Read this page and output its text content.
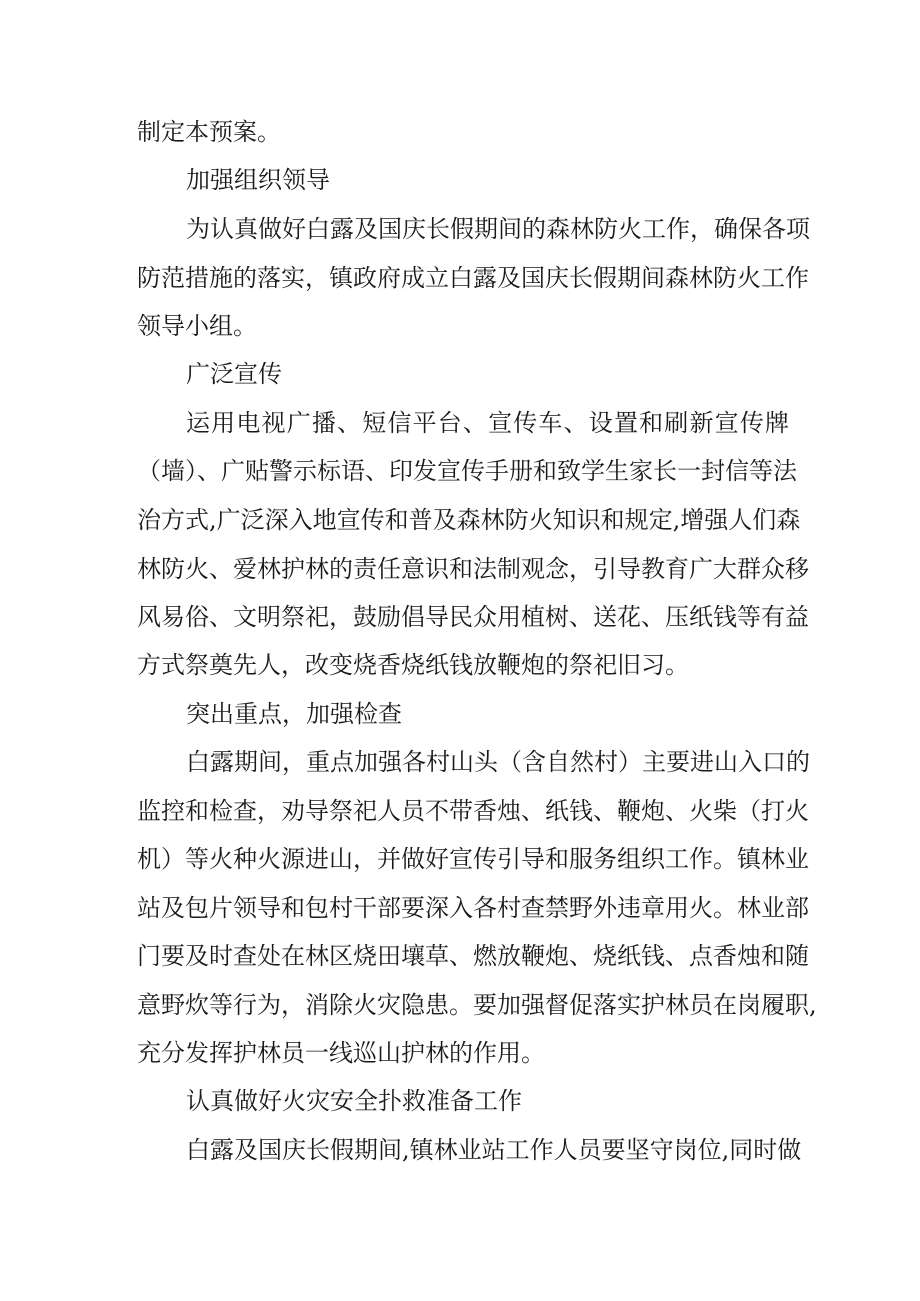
制定本预案。
加强组织领导
为认真做好白露及国庆长假期间的森林防火工作，确保各项
防范措施的落实，镇政府成立白露及国庆长假期间森林防火工作
领导小组。
广泛宣传
运用电视广播、短信平台、宣传车、设置和刷新宣传牌
（墙）、广贴警示标语、印发宣传手册和致学生家长一封信等法
治方式,广泛深入地宣传和普及森林防火知识和规定,增强人们森
林防火、爱林护林的责任意识和法制观念，引导教育广大群众移
风易俗、文明祭祀，鼓励倡导民众用植树、送花、压纸钱等有益
方式祭奠先人，改变烧香烧纸钱放鞭炮的祭祀旧习。
突出重点，加强检查
白露期间，重点加强各村山头（含自然村）主要进山入口的
监控和检查，劝导祭祀人员不带香烛、纸钱、鞭炮、火柴（打火
机）等火种火源进山，并做好宣传引导和服务组织工作。镇林业
站及包片领导和包村干部要深入各村查禁野外违章用火。林业部
门要及时查处在林区烧田壤草、燃放鞭炮、烧纸钱、点香烛和随
意野炊等行为，消除火灾隐患。要加强督促落实护林员在岗履职,
充分发挥护林员一线巡山护林的作用。
认真做好火灾安全扑救准备工作
白露及国庆长假期间,镇林业站工作人员要坚守岗位,同时做
